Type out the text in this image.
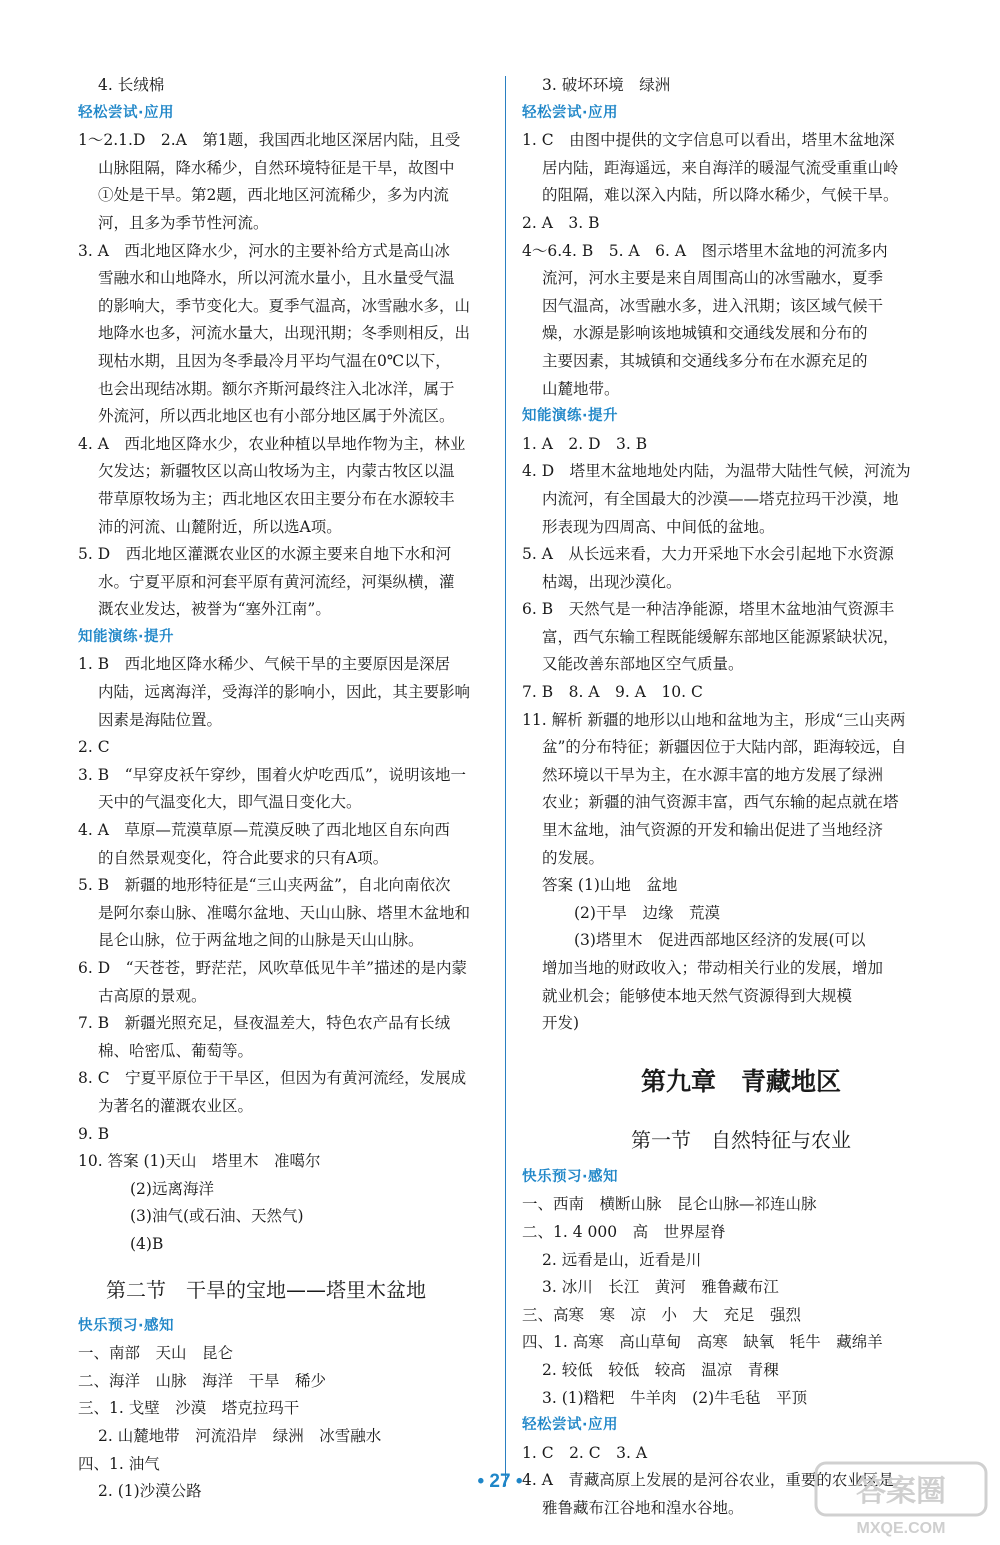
4. 长绒棉
轻松尝试·应用
1～2.1.D　2.A　第1题，我国西北地区深居内陆，且受
山脉阻隔，降水稀少，自然环境特征是干旱，故图中
①处是干旱。第2题，西北地区河流稀少，多为内流
河，且多为季节性河流。
3. A　西北地区降水少，河水的主要补给方式是高山冰
雪融水和山地降水，所以河流水量小，且水量受气温
的影响大，季节变化大。夏季气温高，冰雪融水多，山
地降水也多，河流水量大，出现汛期；冬季则相反，出
现枯水期，且因为冬季最冷月平均气温在0℃以下，
也会出现结冰期。额尔齐斯河最终注入北冰洋，属于
外流河，所以西北地区也有小部分地区属于外流区。
4. A　西北地区降水少，农业种植以旱地作物为主，林业
欠发达；新疆牧区以高山牧场为主，内蒙古牧区以温
带草原牧场为主；西北地区农田主要分布在水源较丰
沛的河流、山麓附近，所以选A项。
5. D　西北地区灌溉农业区的水源主要来自地下水和河
水。宁夏平原和河套平原有黄河流经，河渠纵横，灌
溉农业发达，被誉为“塞外江南”。
知能演练·提升
1. B　西北地区降水稀少、气候干旱的主要原因是深居
内陆，远离海洋，受海洋的影响小，因此，其主要影响
因素是海陆位置。
2. C
3. B　“早穿皮袄午穿纱，围着火炉吃西瓜”，说明该地一
天中的气温变化大，即气温日变化大。
4. A　草原—荒漠草原—荒漠反映了西北地区自东向西
的自然景观变化，符合此要求的只有A项。
5. B　新疆的地形特征是“三山夹两盆”，自北向南依次
是阿尔泰山脉、准噶尔盆地、天山山脉、塔里木盆地和
昆仑山脉，位于两盆地之间的山脉是天山山脉。
6. D　“天苍苍，野茫茫，风吹草低见牛羊”描述的是内蒙
古高原的景观。
7. B　新疆光照充足，昼夜温差大，特色农产品有长绒
棉、哈密瓜、葡萄等。
8. C　宁夏平原位于干旱区，但因为有黄河流经，发展成
为著名的灌溉农业区。
9. B
10. 答案 (1)天山　塔里木　准噶尔
(2)远离海洋
(3)油气(或石油、天然气)
(4)B
第二节　干旱的宝地——塔里木盆地
快乐预习·感知
一、南部　天山　昆仑
二、海洋　山脉　海洋　干旱　稀少
三、1. 戈壁　沙漠　塔克拉玛干
2. 山麓地带　河流沿岸　绿洲　冰雪融水
四、1. 油气
2. (1)沙漠公路
3. 破坏环境　绿洲
轻松尝试·应用
1. C　由图中提供的文字信息可以看出，塔里木盆地深
居内陆，距海遥远，来自海洋的暖湿气流受重重山岭
的阻隔，难以深入内陆，所以降水稀少，气候干旱。
2. A　3. B
4～6.4. B　5. A　6. A　图示塔里木盆地的河流多内
流河，河水主要是来自周围高山的冰雪融水，夏季
因气温高，冰雪融水多，进入汛期；该区域气候干
燥，水源是影响该地城镇和交通线发展和分布的
主要因素，其城镇和交通线多分布在水源充足的
山麓地带。
知能演练·提升
1. A　2. D　3. B
4. D　塔里木盆地地处内陆，为温带大陆性气候，河流为
内流河，有全国最大的沙漠——塔克拉玛干沙漠，地
形表现为四周高、中间低的盆地。
5. A　从长远来看，大力开采地下水会引起地下水资源
枯竭，出现沙漠化。
6. B　天然气是一种洁净能源，塔里木盆地油气资源丰
富，西气东输工程既能缓解东部地区能源紧缺状况，
又能改善东部地区空气质量。
7. B　8. A　9. A　10. C
11. 解析 新疆的地形以山地和盆地为主，形成“三山夹两
盆”的分布特征；新疆因位于大陆内部，距海较远，自
然环境以干旱为主，在水源丰富的地方发展了绿洲
农业；新疆的油气资源丰富，西气东输的起点就在塔
里木盆地，油气资源的开发和输出促进了当地经济
的发展。
答案 (1)山地　盆地
(2)干旱　边缘　荒漠
(3)塔里木　促进西部地区经济的发展(可以
增加当地的财政收入；带动相关行业的发展，增加
就业机会；能够使本地天然气资源得到大规模
开发)
第九章　青藏地区
第一节　自然特征与农业
快乐预习·感知
一、西南　横断山脉　昆仑山脉—祁连山脉
二、1. 4 000　高　世界屋脊
2. 远看是山，近看是川
3. 冰川　长江　黄河　雅鲁藏布江
三、高寒　寒　凉　小　大　充足　强烈
四、1. 高寒　高山草甸　高寒　缺氧　牦牛　藏绵羊
2. 较低　较低　较高　温凉　青稞
3. (1)糌粑　牛羊肉　(2)牛毛毡　平顶
轻松尝试·应用
1. C　2. C　3. A
4. A　青藏高原上发展的是河谷农业，重要的农业区是
雅鲁藏布江谷地和湟水谷地。
• 27 •	答案圈
MXQE.COM
